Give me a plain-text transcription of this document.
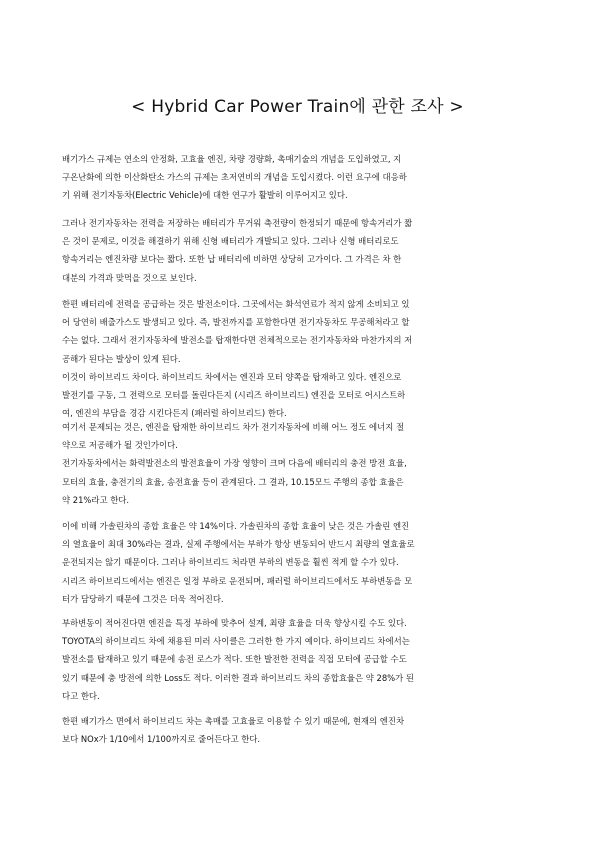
< Hybrid Car Power Train에 관한 조사 >
배기가스 규제는 연소의 안정화, 고효율 엔진, 차량 경량화, 촉매기술의 개념을 도입하였고, 지
구온난화에 의한 이산화탄소 가스의 규제는 초저연비의 개념을 도입시켰다. 이런 요구에 대응하
기 위해 전기자동차(Electric Vehicle)에 대한 연구가 활발히 이루어지고 있다.
그러나 전기자동차는 전력을 저장하는 배터리가 무거워 축전량이 한정되기 때문에 항속거리가 짧
은 것이 문제로, 이것을 해결하기 위해 신형 배터리가 개발되고 있다. 그러나 신형 배터리로도
항속거리는 엔진차량 보다는 짧다. 또한 납 배터리에 비하면 상당히 고가이다. 그 가격은 차 한
대분의 가격과 맞먹을 것으로 보인다.
한편 배터리에 전력을 공급하는 것은 발전소이다. 그곳에서는 화석연료가 적지 않게 소비되고 있
어 당연히 배출가스도 발생되고 있다. 즉, 발전까지를 포함한다면 전기자동차도 무공해처라고 할
수는 없다. 그래서 전기자동차에 발전소를 탑재한다면 전체적으로는 전기자동차와 마찬가지의 저
공해가 된다는 발상이 있게 된다.
이것이 하이브리드 차이다. 하이브리드 차에서는 엔진과 모터 양쪽을 탑재하고 있다. 엔진으로
발전기를 구동, 그 전력으로 모터를 돌린다든지 (시리즈 하이브리드) 엔진을 모터로 어시스트하
여, 엔진의 부담을 경감 시킨다든지 (패러럴 하이브리드) 한다.
여기서 문제되는 것은, 엔진을 탑재한 하이브리드 차가 전기자동차에 비해 어느 정도 에너지 절
약으로 저공해가 될 것인가이다.
전기자동차에서는 화력발전소의 발전효율이 가장 영향이 크며 다음에 배터리의 충전 방전 효율,
모터의 효율, 충전기의 효율, 송전효율 등이 관계된다. 그 결과, 10.15모드 주행의 종합 효율은
약 21%라고 한다.
이에 비해 가솔린차의 종합 효율은 약 14%이다. 가솔린차의 종합 효율이 낮은 것은 가솔린 엔진
의 열효율이 최대 30%라는 결과, 실제 주행에서는 부하가 항상 변동되어 반드시 최량의 열효율로
운전되지는 않기 때문이다. 그러나 하이브리드 처라면 부하의 변동을 훨씬 적게 할 수가 있다.
시리즈 하이브리드에서는 엔진은 일정 부하로 운전되며, 패러럴 하이브리드에서도 부하변동을 모
터가 담당하기 때문에 그것은 더욱 적어진다.
부하변동이 적어진다면 엔진을 특정 부하에 맞추어 설계, 최량 효율을 더욱 향상시킬 수도 있다.
TOYOTA의 하이브리드 차에 채용된 미러 사이클은 그러한 한 가지 예이다. 하이브리드 차에서는
발전소를 탑재하고 있기 때문에 송전 로스가 적다. 또한 발전한 전력을 직접 모터에 공급할 수도
있기 때문에 충 방전에 의한 Loss도 적다. 이러한 결과 하이브리드 차의 종합효율은 약 28%가 된
다고 한다.
한편 배기가스 면에서 하이브리드 차는 촉매를 고효율로 이용할 수 있기 때문에, 현재의 엔진차
보다 NOx가 1/10에서 1/100까지로 줄어든다고 한다.
